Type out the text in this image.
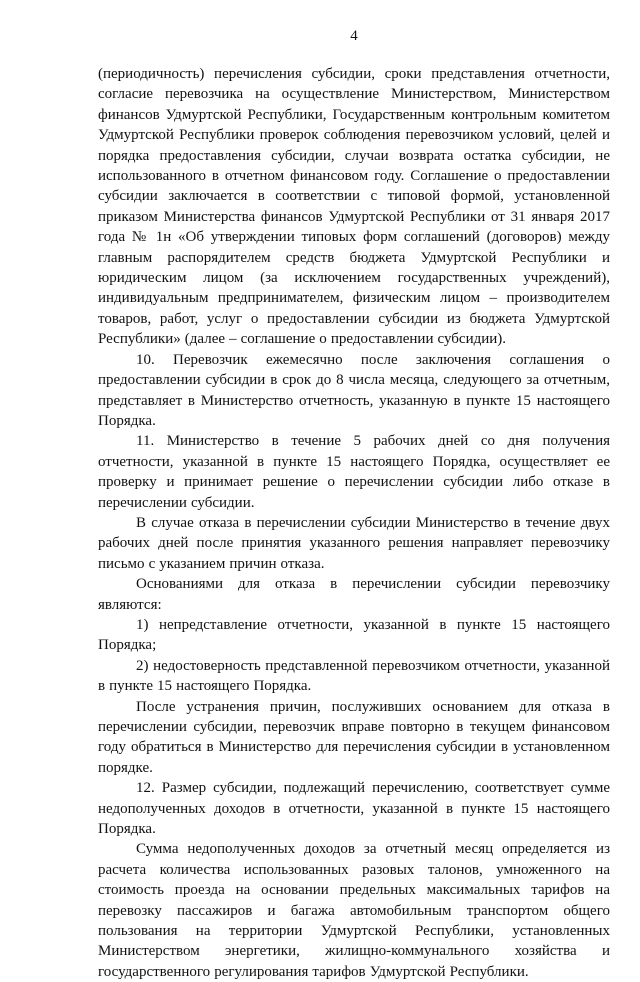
4

(периодичность) перечисления субсидии, сроки представления отчетности, согласие перевозчика на осуществление Министерством, Министерством финансов Удмуртской Республики, Государственным контрольным комитетом Удмуртской Республики проверок соблюдения перевозчиком условий, целей и порядка предоставления субсидии, случаи возврата остатка субсидии, не использованного в отчетном финансовом году. Соглашение о предоставлении субсидии заключается в соответствии с типовой формой, установленной приказом Министерства финансов Удмуртской Республики от 31 января 2017 года № 1н «Об утверждении типовых форм соглашений (договоров) между главным распорядителем средств бюджета Удмуртской Республики и юридическим лицом (за исключением государственных учреждений), индивидуальным предпринимателем, физическим лицом – производителем товаров, работ, услуг о предоставлении субсидии из бюджета Удмуртской Республики» (далее – соглашение о предоставлении субсидии).

10. Перевозчик ежемесячно после заключения соглашения о предоставлении субсидии в срок до 8 числа месяца, следующего за отчетным, представляет в Министерство отчетность, указанную в пункте 15 настоящего Порядка.

11. Министерство в течение 5 рабочих дней со дня получения отчетности, указанной в пункте 15 настоящего Порядка, осуществляет ее проверку и принимает решение о перечислении субсидии либо отказе в перечислении субсидии.

В случае отказа в перечислении субсидии Министерство в течение двух рабочих дней после принятия указанного решения направляет перевозчику письмо с указанием причин отказа.

Основаниями для отказа в перечислении субсидии перевозчику являются:

1) непредставление отчетности, указанной в пункте 15 настоящего Порядка;

2) недостоверность представленной перевозчиком отчетности, указанной в пункте 15 настоящего Порядка.

После устранения причин, послуживших основанием для отказа в перечислении субсидии, перевозчик вправе повторно в текущем финансовом году обратиться в Министерство для перечисления субсидии в установленном порядке.

12. Размер субсидии, подлежащий перечислению, соответствует сумме недополученных доходов в отчетности, указанной в пункте 15 настоящего Порядка.

Сумма недополученных доходов за отчетный месяц определяется из расчета количества использованных разовых талонов, умноженного на стоимость проезда на основании предельных максимальных тарифов на перевозку пассажиров и багажа автомобильным транспортом общего пользования на территории Удмуртской Республики, установленных Министерством энергетики, жилищно-коммунального хозяйства и государственного регулирования тарифов Удмуртской Республики.
